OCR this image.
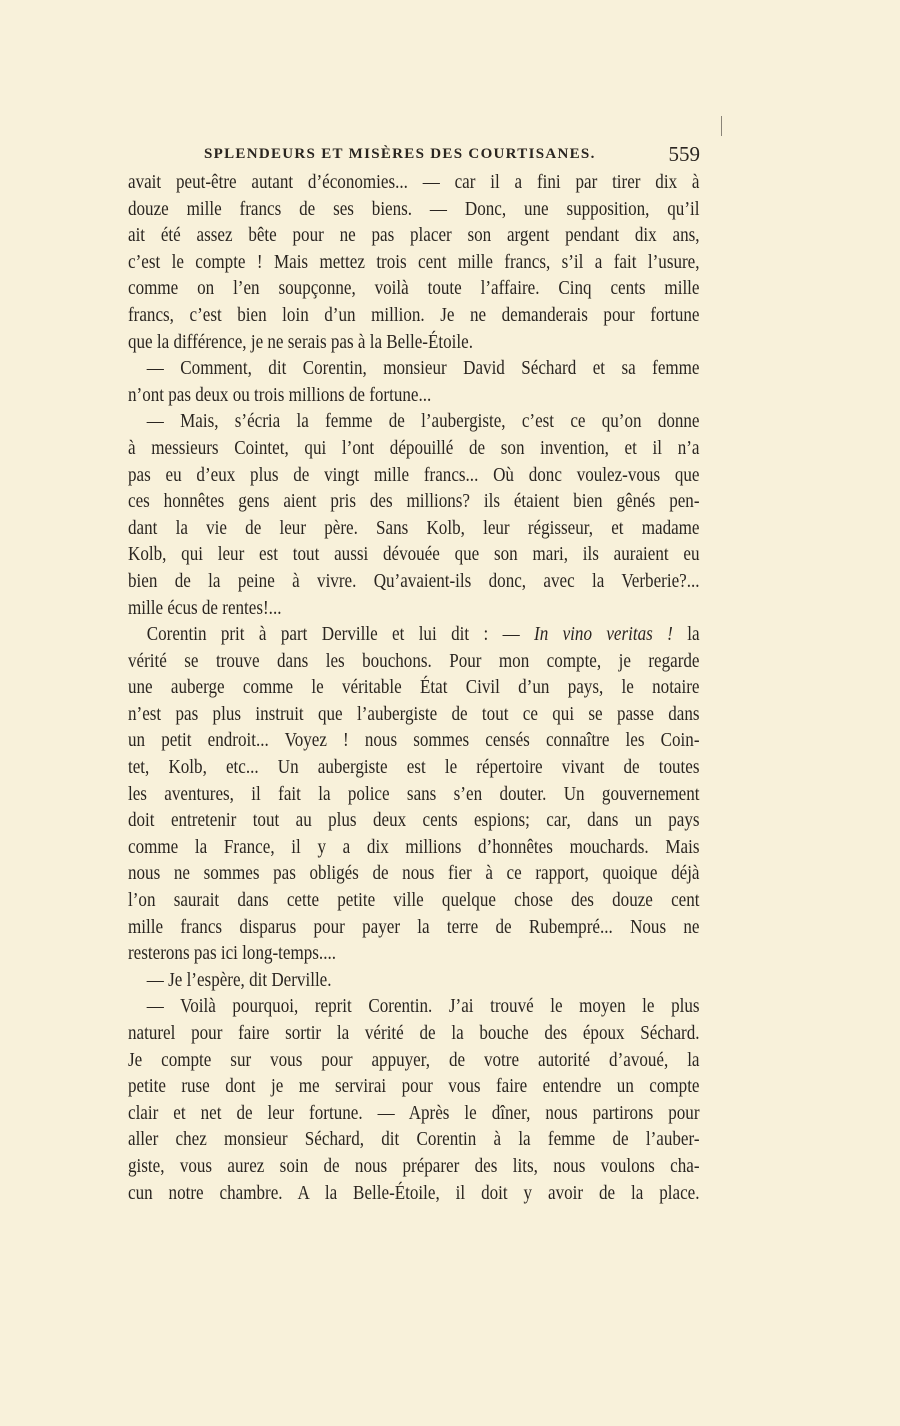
SPLENDEURS ET MISÈRES DES COURTISANES.	559
avait peut-être autant d’économies... — car il a fini par tirer dix à
douze mille francs de ses biens. — Donc, une supposition, qu’il
ait été assez bête pour ne pas placer son argent pendant dix ans,
c’est le compte ! Mais mettez trois cent mille francs, s’il a fait l’usure,
comme on l’en soupçonne, voilà toute l’affaire. Cinq cents mille
francs, c’est bien loin d’un million. Je ne demanderais pour fortune
que la différence, je ne serais pas à la Belle-Étoile.
— Comment, dit Corentin, monsieur David Séchard et sa femme
n’ont pas deux ou trois millions de fortune...
— Mais, s’écria la femme de l’aubergiste, c’est ce qu’on donne
à messieurs Cointet, qui l’ont dépouillé de son invention, et il n’a
pas eu d’eux plus de vingt mille francs... Où donc voulez-vous que
ces honnêtes gens aient pris des millions? ils étaient bien gênés pen-
dant la vie de leur père. Sans Kolb, leur régisseur, et madame
Kolb, qui leur est tout aussi dévouée que son mari, ils auraient eu
bien de la peine à vivre. Qu’avaient-ils donc, avec la Verberie?...
mille écus de rentes!...
Corentin prit à part Derville et lui dit : — In vino veritas ! la
vérité se trouve dans les bouchons. Pour mon compte, je regarde
une auberge comme le véritable État Civil d’un pays, le notaire
n’est pas plus instruit que l’aubergiste de tout ce qui se passe dans
un petit endroit... Voyez ! nous sommes censés connaître les Coin-
tet, Kolb, etc... Un aubergiste est le répertoire vivant de toutes
les aventures, il fait la police sans s’en douter. Un gouvernement
doit entretenir tout au plus deux cents espions; car, dans un pays
comme la France, il y a dix millions d’honnêtes mouchards. Mais
nous ne sommes pas obligés de nous fier à ce rapport, quoique déjà
l’on saurait dans cette petite ville quelque chose des douze cent
mille francs disparus pour payer la terre de Rubempré... Nous ne
resterons pas ici long-temps....
— Je l’espère, dit Derville.
— Voilà pourquoi, reprit Corentin. J’ai trouvé le moyen le plus
naturel pour faire sortir la vérité de la bouche des époux Séchard.
Je compte sur vous pour appuyer, de votre autorité d’avoué, la
petite ruse dont je me servirai pour vous faire entendre un compte
clair et net de leur fortune. — Après le dîner, nous partirons pour
aller chez monsieur Séchard, dit Corentin à la femme de l’auber-
giste, vous aurez soin de nous préparer des lits, nous voulons cha-
cun notre chambre. A la Belle-Étoile, il doit y avoir de la place.
